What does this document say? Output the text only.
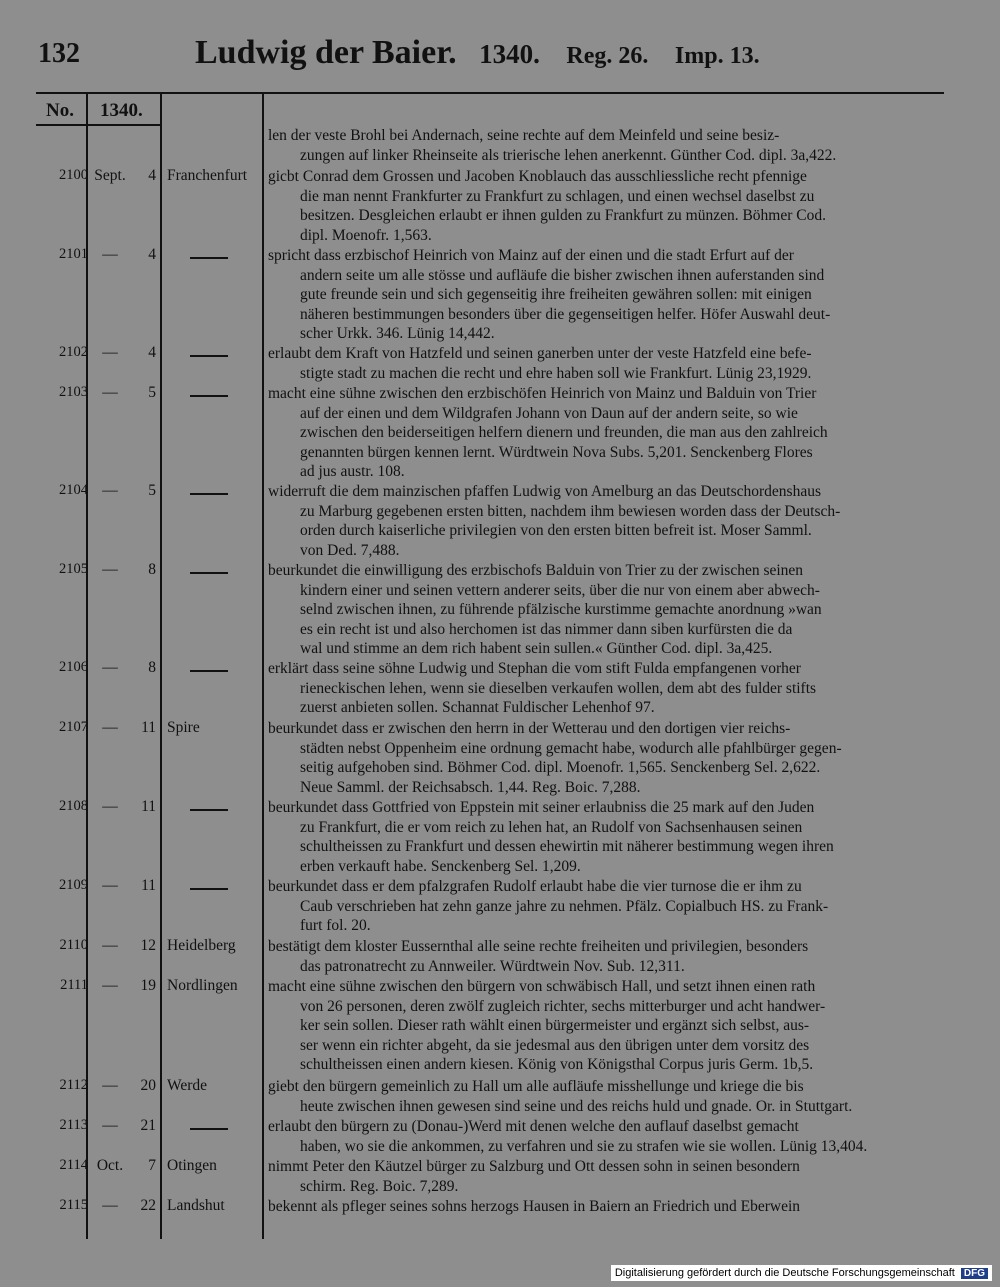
132	Ludwig der Baier. 1340. Reg. 26. Imp. 13.
No. 1340.
len der veste Brohl bei Andernach, seine rechte auf dem Meinfeld und seine besiz-
zungen auf linker Rheinseite als trierische lehen anerkennt. Günther Cod. dipl. 3a,422.
2100 Sept.	4 Franchenfurt	gicbt Conrad dem Grossen und Jacoben Knoblauch das ausschliessliche recht pfennige
die man nennt Frankfurter zu Frankfurt zu schlagen, und einen wechsel daselbst zu
besitzen. Desgleichen erlaubt er ihnen gulden zu Frankfurt zu münzen. Böhmer Cod.
dipl. Moenofr. 1,563.
2101 —	4	spricht dass erzbischof Heinrich von Mainz auf der einen und die stadt Erfurt auf der
andern seite um alle stösse und aufläufe die bisher zwischen ihnen auferstanden sind
gute freunde sein und sich gegenseitig ihre freiheiten gewähren sollen: mit einigen
näheren bestimmungen besonders über die gegenseitigen helfer. Höfer Auswahl deut-
scher Urkk. 346. Lünig 14,442.
2102 —	4	erlaubt dem Kraft von Hatzfeld und seinen ganerben unter der veste Hatzfeld eine befe-
stigte stadt zu machen die recht und ehre haben soll wie Frankfurt. Lünig 23,1929.
2103 —	5	macht eine sühne zwischen den erzbischöfen Heinrich von Mainz und Balduin von Trier
auf der einen und dem Wildgrafen Johann von Daun auf der andern seite, so wie
zwischen den beiderseitigen helfern dienern und freunden, die man aus den zahlreich
genannten bürgen kennen lernt. Würdtwein Nova Subs. 5,201. Senckenberg Flores
ad jus austr. 108.
2104 —	5	widerruft die dem mainzischen pfaffen Ludwig von Amelburg an das Deutschordenshaus
zu Marburg gegebenen ersten bitten, nachdem ihm bewiesen worden dass der Deutsch-
orden durch kaiserliche privilegien von den ersten bitten befreit ist. Moser Samml.
von Ded. 7,488.
2105 —	8	beurkundet die einwilligung des erzbischofs Balduin von Trier zu der zwischen seinen
kindern einer und seinen vettern anderer seits, über die nur von einem aber abwech-
selnd zwischen ihnen, zu führende pfälzische kurstimme gemachte anordnung »wan
es ein recht ist und also herchomen ist das nimmer dann siben kurfürsten die da
wal und stimme an dem rich habent sein sullen.« Günther Cod. dipl. 3a,425.
2106 —	8	erklärt dass seine söhne Ludwig und Stephan die vom stift Fulda empfangenen vorher
rieneckischen lehen, wenn sie dieselben verkaufen wollen, dem abt des fulder stifts
zuerst anbieten sollen. Schannat Fuldischer Lehenhof 97.
2107 —	11 Spire	beurkundet dass er zwischen den herrn in der Wetterau und den dortigen vier reichs-
städten nebst Oppenheim eine ordnung gemacht habe, wodurch alle pfahlbürger gegen-
seitig aufgehoben sind. Böhmer Cod. dipl. Moenofr. 1,565. Senckenberg Sel. 2,622.
Neue Samml. der Reichsabsch. 1,44. Reg. Boic. 7,288.
2108 —	11	beurkundet dass Gottfried von Eppstein mit seiner erlaubniss die 25 mark auf den Juden
zu Frankfurt, die er vom reich zu lehen hat, an Rudolf von Sachsenhausen seinen
schultheissen zu Frankfurt und dessen ehewirtin mit näherer bestimmung wegen ihren
erben verkauft habe. Senckenberg Sel. 1,209.
2109 —	11	beurkundet dass er dem pfalzgrafen Rudolf erlaubt habe die vier turnose die er ihm zu
Caub verschrieben hat zehn ganze jahre zu nehmen. Pfälz. Copialbuch HS. zu Frank-
furt fol. 20.
2110 —	12 Heidelberg	bestätigt dem kloster Eussernthal alle seine rechte freiheiten und privilegien, besonders
das patronatrecht zu Annweiler. Würdtwein Nov. Sub. 12,311.
2111 —	19 Nordlingen	macht eine sühne zwischen den bürgern von schwäbisch Hall, und setzt ihnen einen rath
von 26 personen, deren zwölf zugleich richter, sechs mitterburger und acht handwer-
ker sein sollen. Dieser rath wählt einen bürgermeister und ergänzt sich selbst, aus-
ser wenn ein richter abgeht, da sie jedesmal aus den übrigen unter dem vorsitz des
schultheissen einen andern kiesen. König von Königsthal Corpus juris Germ. 1b,5.
2112 —	20 Werde	giebt den bürgern gemeinlich zu Hall um alle aufläufe misshellunge und kriege die bis
heute zwischen ihnen gewesen sind seine und des reichs huld und gnade. Or. in Stuttgart.
2113 —	21	erlaubt den bürgern zu (Donau-)Werd mit denen welche den auflauf daselbst gemacht
haben, wo sie die ankommen, zu verfahren und sie zu strafen wie sie wollen. Lünig 13,404.
2114 Oct.	7 Otingen	nimmt Peter den Käutzel bürger zu Salzburg und Ott dessen sohn in seinen besondern
schirm. Reg. Boic. 7,289.
2115 —	22 Landshut	bekennt als pfleger seines sohns herzogs Hausen in Baiern an Friedrich und Eberwein
Digitalisierung gefördert durch die Deutsche Forschungsgemeinschaft DFG
